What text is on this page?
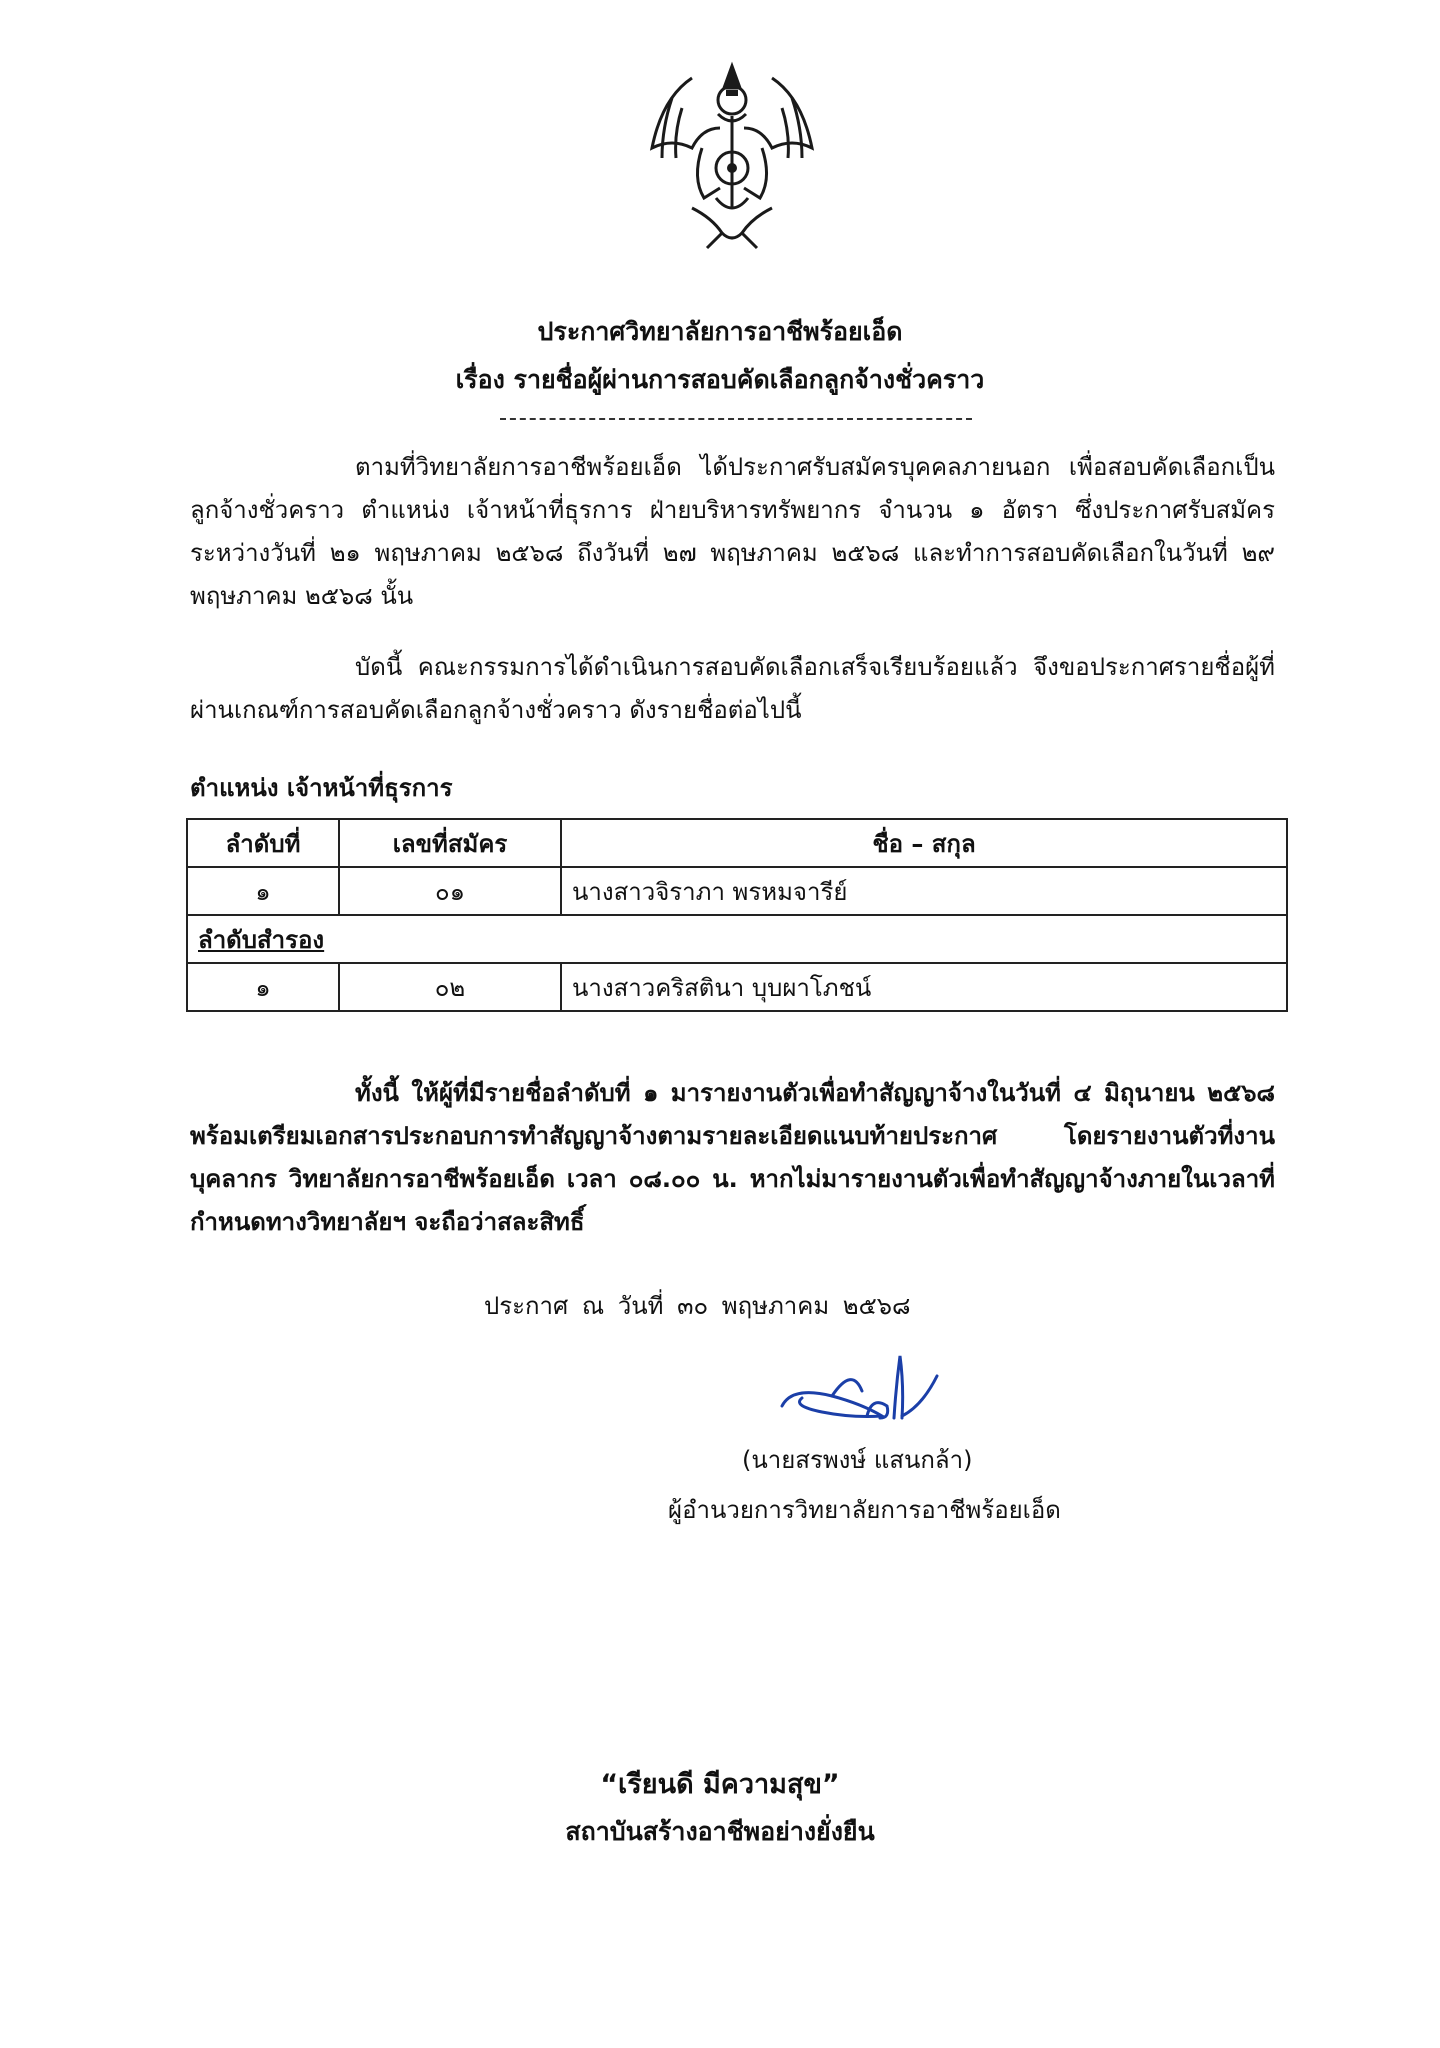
ประกาศวิทยาลัยการอาชีพร้อยเอ็ด
เรื่อง รายชื่อผู้ผ่านการสอบคัดเลือกลูกจ้างชั่วคราว
ตามที่วิทยาลัยการอาชีพร้อยเอ็ด ได้ประกาศรับสมัครบุคคลภายนอก เพื่อสอบคัดเลือกเป็นลูกจ้างชั่วคราว ตำแหน่ง เจ้าหน้าที่ธุรการ ฝ่ายบริหารทรัพยากร จำนวน ๑ อัตรา ซึ่งประกาศรับสมัครระหว่างวันที่ ๒๑ พฤษภาคม ๒๕๖๘ ถึงวันที่ ๒๗ พฤษภาคม ๒๕๖๘ และทำการสอบคัดเลือกในวันที่ ๒๙ พฤษภาคม ๒๕๖๘ นั้น
บัดนี้ คณะกรรมการได้ดำเนินการสอบคัดเลือกเสร็จเรียบร้อยแล้ว จึงขอประกาศรายชื่อผู้ที่ผ่านเกณฑ์การสอบคัดเลือกลูกจ้างชั่วคราว ดังรายชื่อต่อไปนี้
ตำแหน่ง เจ้าหน้าที่ธุรการ
ลำดับที่	เลขที่สมัคร	ชื่อ – สกุล
๑	๐๑	นางสาวจิราภา พรหมจารีย์
ลำดับสำรอง		
๑	๐๒	นางสาวคริสตินา บุบผาโภชน์
ทั้งนี้ ให้ผู้ที่มีรายชื่อลำดับที่ ๑ มารายงานตัวเพื่อทำสัญญาจ้างในวันที่ ๔ มิถุนายน ๒๕๖๘ พร้อมเตรียมเอกสารประกอบการทำสัญญาจ้างตามรายละเอียดแนบท้ายประกาศ โดยรายงานตัวที่งานบุคลากร วิทยาลัยการอาชีพร้อยเอ็ด เวลา ๐๘.๐๐ น. หากไม่มารายงานตัวเพื่อทำสัญญาจ้างภายในเวลาที่กำหนดทางวิทยาลัยฯ จะถือว่าสละสิทธิ์
ประกาศ ณ วันที่ ๓๐ พฤษภาคม ๒๕๖๘
(นายสรพงษ์ แสนกล้า)
ผู้อำนวยการวิทยาลัยการอาชีพร้อยเอ็ด
“เรียนดี มีความสุข”
สถาบันสร้างอาชีพอย่างยั่งยืน
